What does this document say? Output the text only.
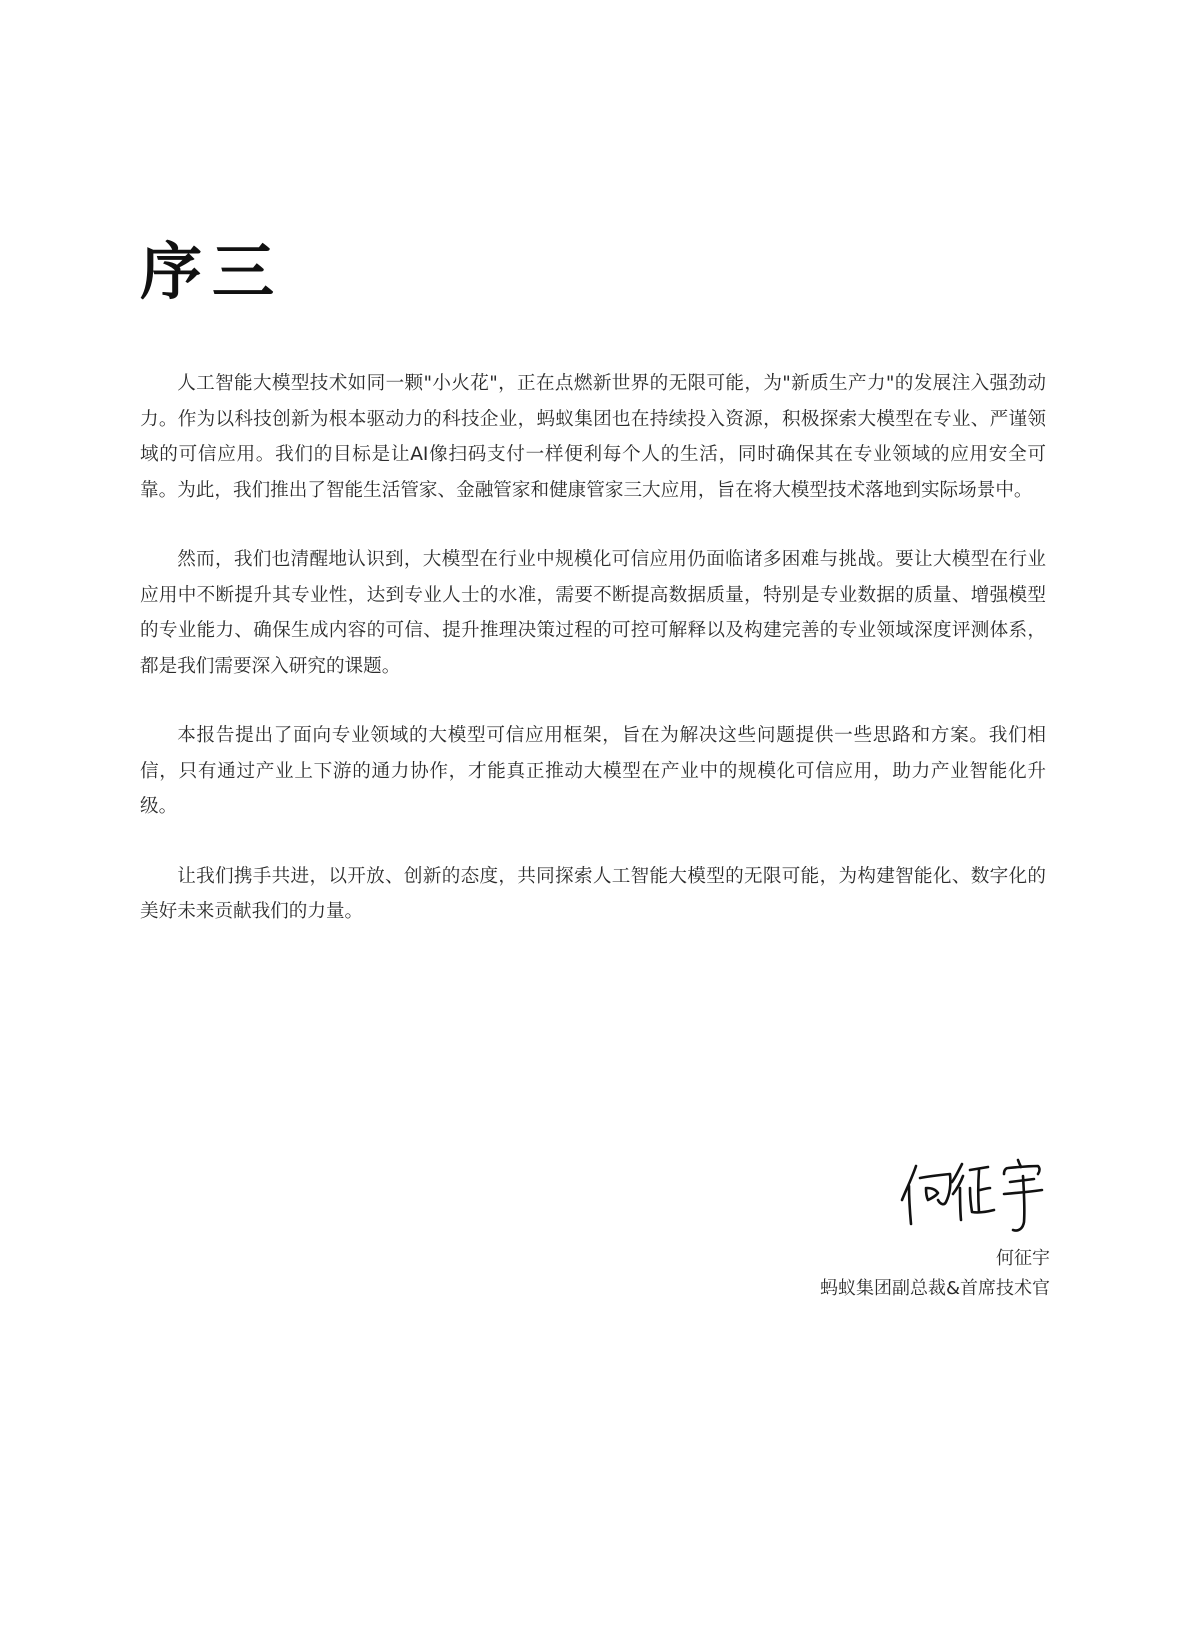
序三

人工智能大模型技术如同一颗"小火花"，正在点燃新世界的无限可能，为"新质生产力"的发展注入强劲动力。作为以科技创新为根本驱动力的科技企业，蚂蚁集团也在持续投入资源，积极探索大模型在专业、严谨领域的可信应用。我们的目标是让AI像扫码支付一样便利每个人的生活，同时确保其在专业领域的应用安全可靠。为此，我们推出了智能生活管家、金融管家和健康管家三大应用，旨在将大模型技术落地到实际场景中。

然而，我们也清醒地认识到，大模型在行业中规模化可信应用仍面临诸多困难与挑战。要让大模型在行业应用中不断提升其专业性，达到专业人士的水准，需要不断提高数据质量，特别是专业数据的质量、增强模型的专业能力、确保生成内容的可信、提升推理决策过程的可控可解释以及构建完善的专业领域深度评测体系，都是我们需要深入研究的课题。

本报告提出了面向专业领域的大模型可信应用框架，旨在为解决这些问题提供一些思路和方案。我们相信，只有通过产业上下游的通力协作，才能真正推动大模型在产业中的规模化可信应用，助力产业智能化升级。

让我们携手共进，以开放、创新的态度，共同探索人工智能大模型的无限可能，为构建智能化、数字化的美好未来贡献我们的力量。

何征宇
蚂蚁集团副总裁&首席技术官
